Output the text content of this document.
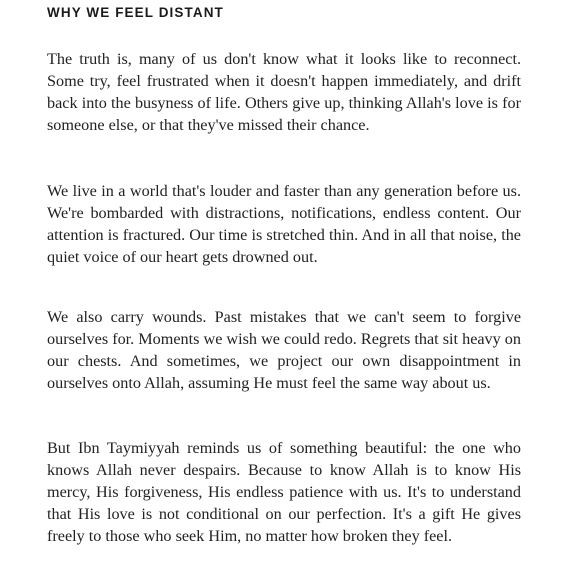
WHY WE FEEL DISTANT

The truth is, many of us don't know what it looks like to reconnect. Some try, feel frustrated when it doesn't happen immediately, and drift back into the busyness of life. Others give up, thinking Allah's love is for someone else, or that they've missed their chance.

We live in a world that's louder and faster than any generation before us. We're bombarded with distractions, notifications, endless content. Our attention is fractured. Our time is stretched thin. And in all that noise, the quiet voice of our heart gets drowned out.

We also carry wounds. Past mistakes that we can't seem to forgive ourselves for. Moments we wish we could redo. Regrets that sit heavy on our chests. And sometimes, we project our own disappointment in ourselves onto Allah, assuming He must feel the same way about us.

But Ibn Taymiyyah reminds us of something beautiful: the one who knows Allah never despairs. Because to know Allah is to know His mercy, His forgiveness, His endless patience with us. It's to understand that His love is not conditional on our perfection. It's a gift He gives freely to those who seek Him, no matter how broken they feel.
